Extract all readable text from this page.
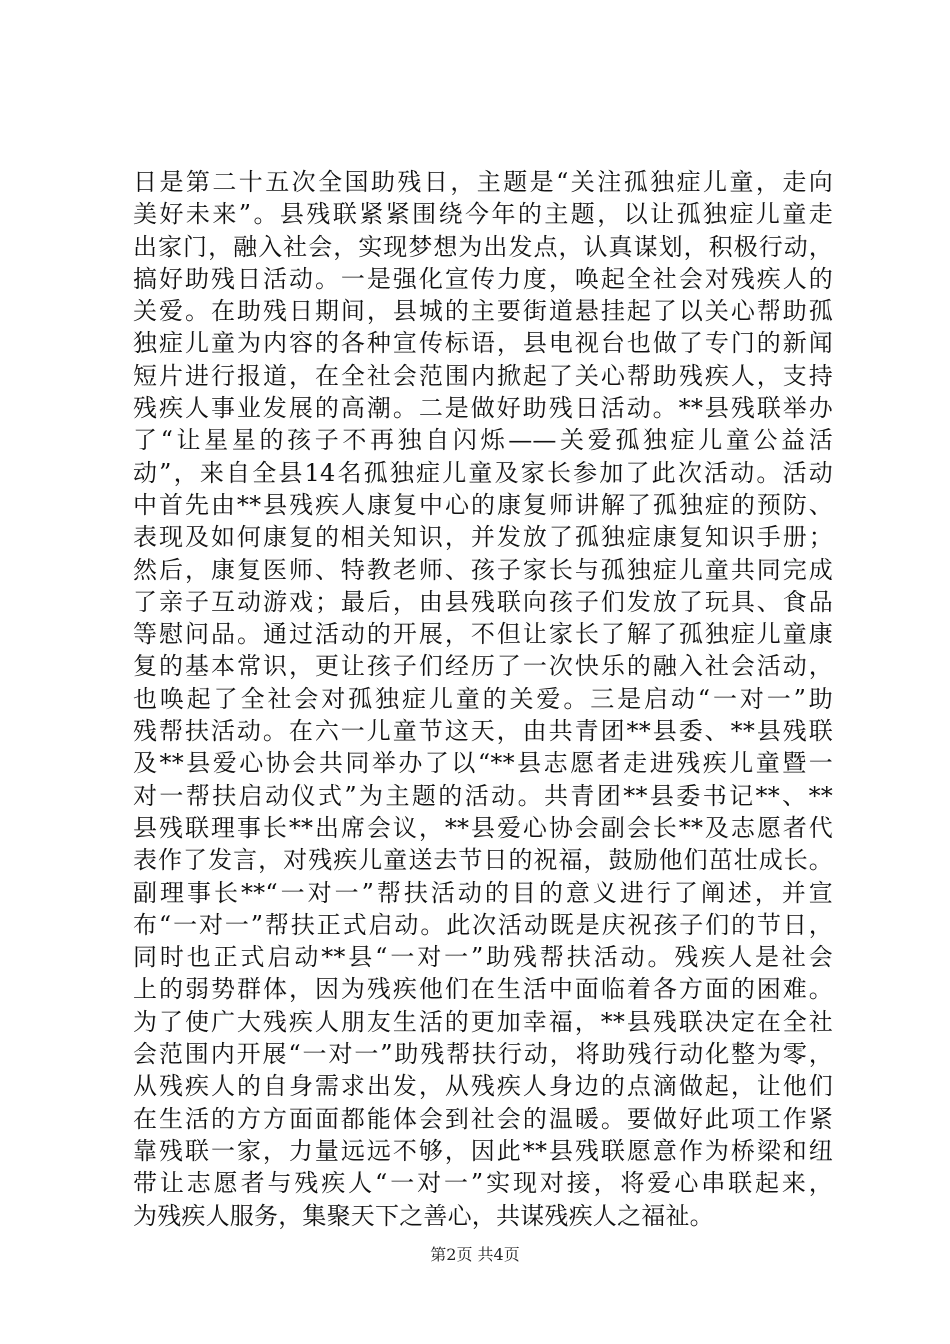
日是第二十五次全国助残日，主题是“关注孤独症儿童，走向
美好未来”。县残联紧紧围绕今年的主题，以让孤独症儿童走
出家门，融入社会，实现梦想为出发点，认真谋划，积极行动，
搞好助残日活动。一是强化宣传力度，唤起全社会对残疾人的
关爱。在助残日期间，县城的主要街道悬挂起了以关心帮助孤
独症儿童为内容的各种宣传标语，县电视台也做了专门的新闻
短片进行报道，在全社会范围内掀起了关心帮助残疾人，支持
残疾人事业发展的高潮。二是做好助残日活动。**县残联举办
了“让星星的孩子不再独自闪烁——关爱孤独症儿童公益活
动”，来自全县14名孤独症儿童及家长参加了此次活动。活动
中首先由**县残疾人康复中心的康复师讲解了孤独症的预防、
表现及如何康复的相关知识，并发放了孤独症康复知识手册；
然后，康复医师、特教老师、孩子家长与孤独症儿童共同完成
了亲子互动游戏；最后，由县残联向孩子们发放了玩具、食品
等慰问品。通过活动的开展，不但让家长了解了孤独症儿童康
复的基本常识，更让孩子们经历了一次快乐的融入社会活动，
也唤起了全社会对孤独症儿童的关爱。三是启动“一对一”助
残帮扶活动。在六一儿童节这天，由共青团**县委、**县残联
及**县爱心协会共同举办了以“**县志愿者走进残疾儿童暨一
对一帮扶启动仪式”为主题的活动。共青团**县委书记**、**
县残联理事长**出席会议，**县爱心协会副会长**及志愿者代
表作了发言，对残疾儿童送去节日的祝福，鼓励他们茁壮成长。
副理事长**“一对一”帮扶活动的目的意义进行了阐述，并宣
布“一对一”帮扶正式启动。此次活动既是庆祝孩子们的节日，
同时也正式启动**县“一对一”助残帮扶活动。残疾人是社会
上的弱势群体，因为残疾他们在生活中面临着各方面的困难。
为了使广大残疾人朋友生活的更加幸福，**县残联决定在全社
会范围内开展“一对一”助残帮扶行动，将助残行动化整为零，
从残疾人的自身需求出发，从残疾人身边的点滴做起，让他们
在生活的方方面面都能体会到社会的温暖。要做好此项工作紧
靠残联一家，力量远远不够，因此**县残联愿意作为桥梁和纽
带让志愿者与残疾人“一对一”实现对接，将爱心串联起来，
为残疾人服务，集聚天下之善心，共谋残疾人之福祉。
第2页 共4页
